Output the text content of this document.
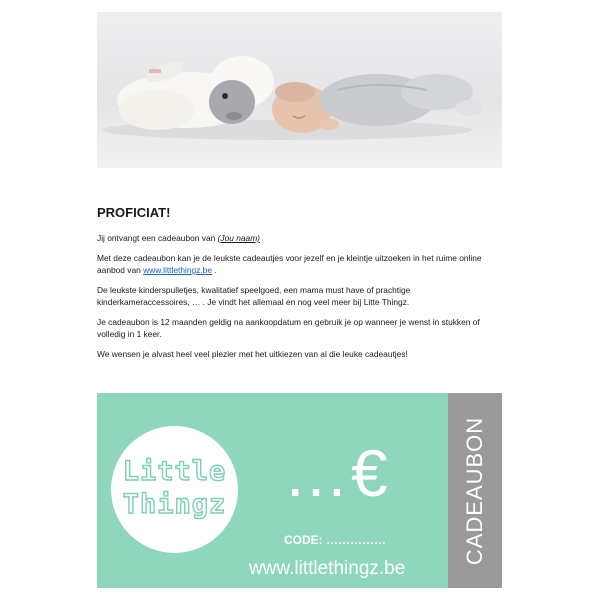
PROFICIAT!

Jij ontvangt een cadeaubon van (Jou naam)

Met deze cadeaubon kan je de leukste cadeautjes voor jezelf en je kleintje uitzoeken in het ruime online aanbod van www.littlethingz.be .

De leukste kinderspulletjes, kwalitatief speelgoed, een mama must have of prachtige kinderkameraccessoires, … . Je vindt het allemaal en nog veel meer bij Litte Thingz.

Je cadeaubon is 12 maanden geldig na aankoopdatum en gebruik je op wanneer je wenst in stukken of volledig in 1 keer.

We wensen je alvast heel veel plezier met het uitkiezen van al die leuke cadeautjes!

Little
Thingz …€
CODE: ……………
www.littlethingz.be
CADEAUBON
